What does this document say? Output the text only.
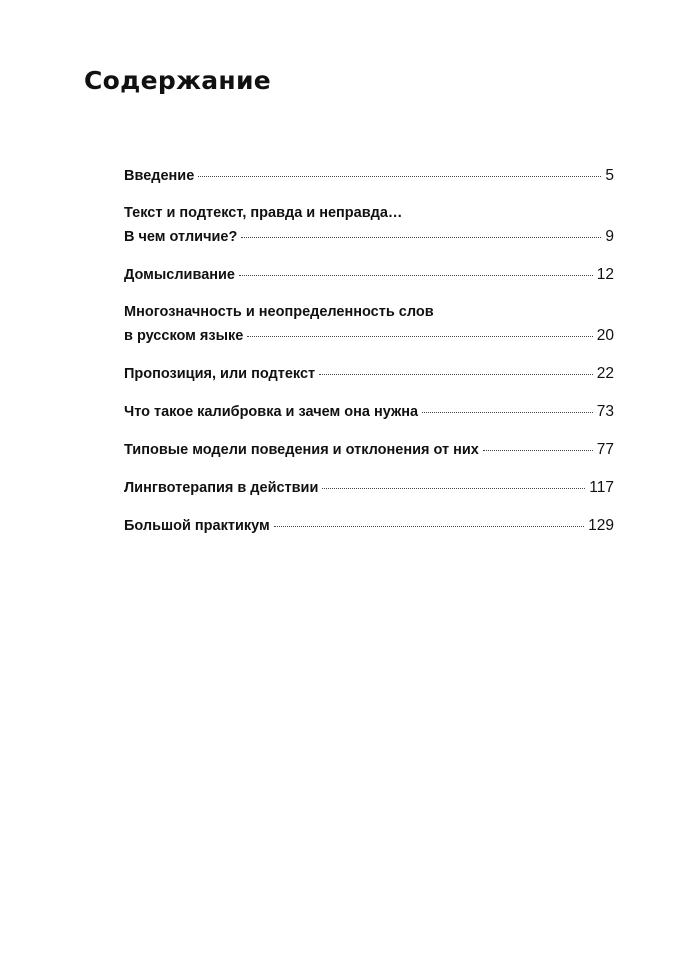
Содержание
Введение	5
Текст и подтекст, правда и неправда…
В чем отличие?	9
Домысливание	12
Многозначность и неопределенность слов
в русском языке	20
Пропозиция, или подтекст	22
Что такое калибровка и зачем она нужна	73
Типовые модели поведения и отклонения от них	77
Лингвотерапия в действии	117
Большой практикум	129
